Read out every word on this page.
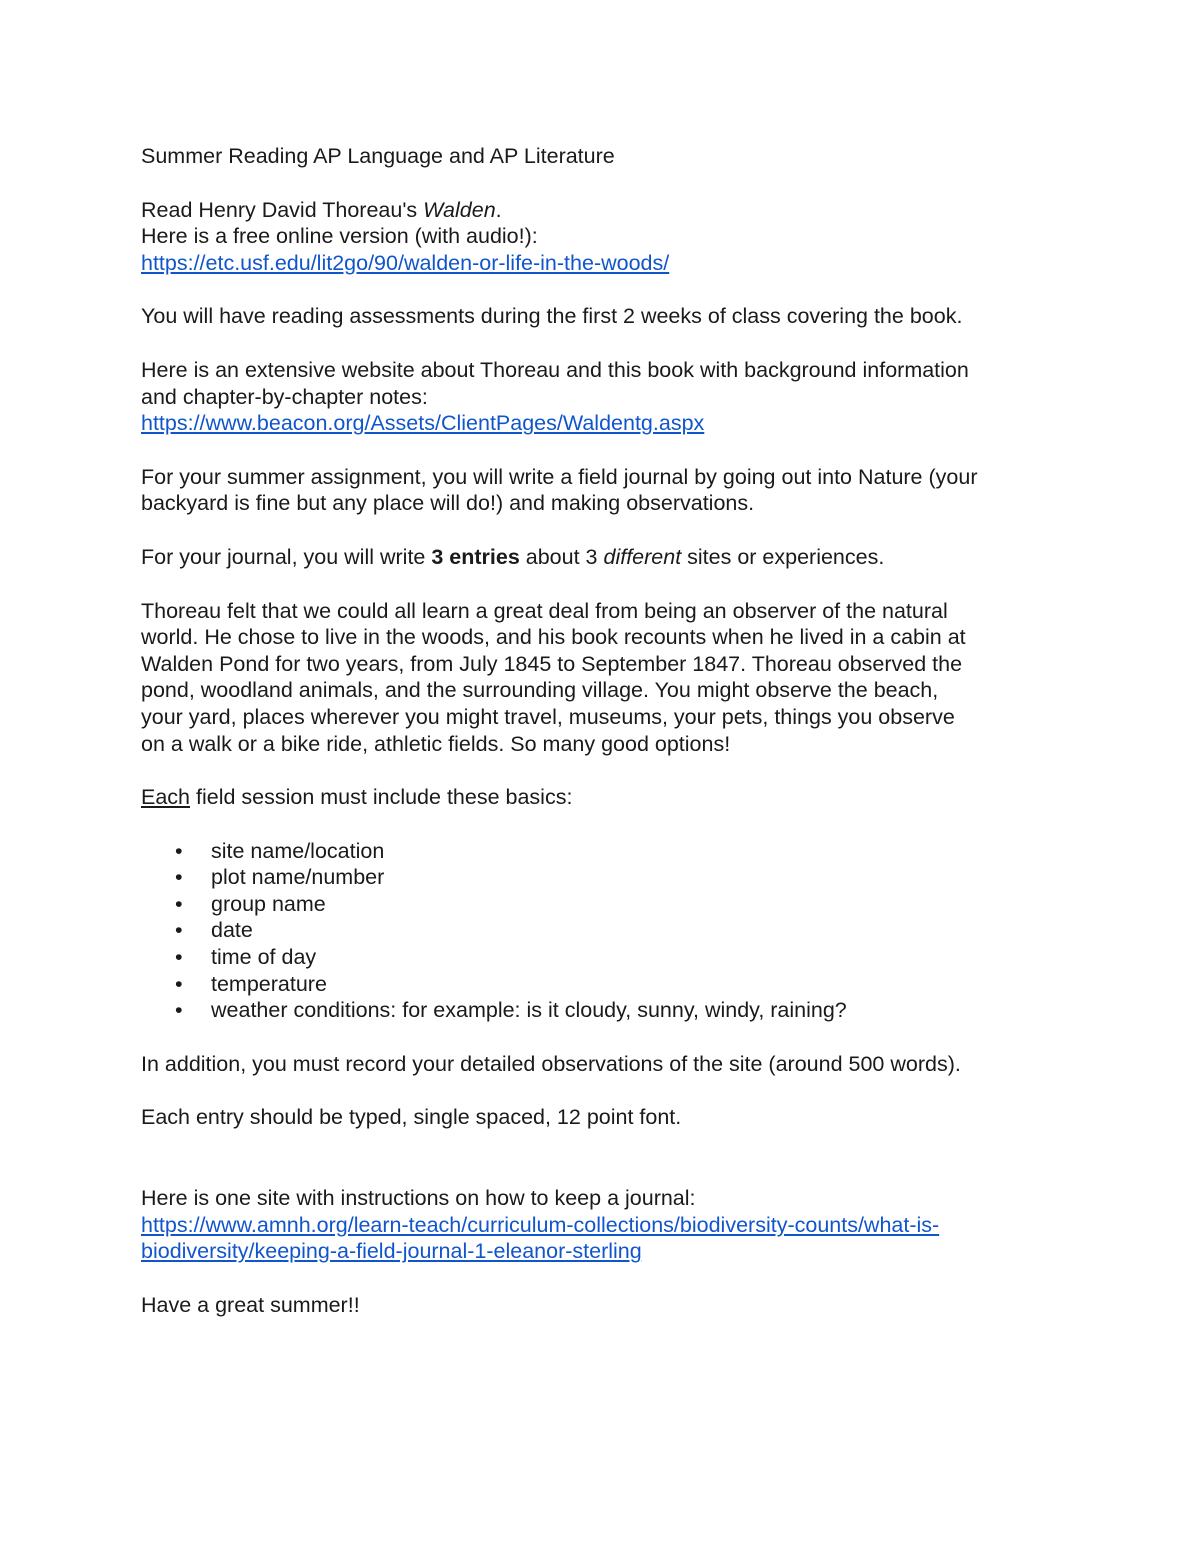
Summer Reading AP Language and AP Literature

Read Henry David Thoreau's Walden.
Here is a free online version (with audio!):
https://etc.usf.edu/lit2go/90/walden-or-life-in-the-woods/

You will have reading assessments during the first 2 weeks of class covering the book.

Here is an extensive website about Thoreau and this book with background information
and chapter-by-chapter notes:
https://www.beacon.org/Assets/ClientPages/Waldentg.aspx

For your summer assignment, you will write a field journal by going out into Nature (your
backyard is fine but any place will do!) and making observations.

For your journal, you will write 3 entries about 3 different sites or experiences.

Thoreau felt that we could all learn a great deal from being an observer of the natural
world. He chose to live in the woods, and his book recounts when he lived in a cabin at
Walden Pond for two years, from July 1845 to September 1847. Thoreau observed the
pond, woodland animals, and the surrounding village. You might observe the beach,
your yard, places wherever you might travel, museums, your pets, things you observe
on a walk or a bike ride, athletic fields. So many good options!

Each field session must include these basics:

• site name/location
• plot name/number
• group name
• date
• time of day
• temperature
• weather conditions: for example: is it cloudy, sunny, windy, raining?

In addition, you must record your detailed observations of the site (around 500 words).

Each entry should be typed, single spaced, 12 point font.

Here is one site with instructions on how to keep a journal:
https://www.amnh.org/learn-teach/curriculum-collections/biodiversity-counts/what-is-
biodiversity/keeping-a-field-journal-1-eleanor-sterling

Have a great summer!!
